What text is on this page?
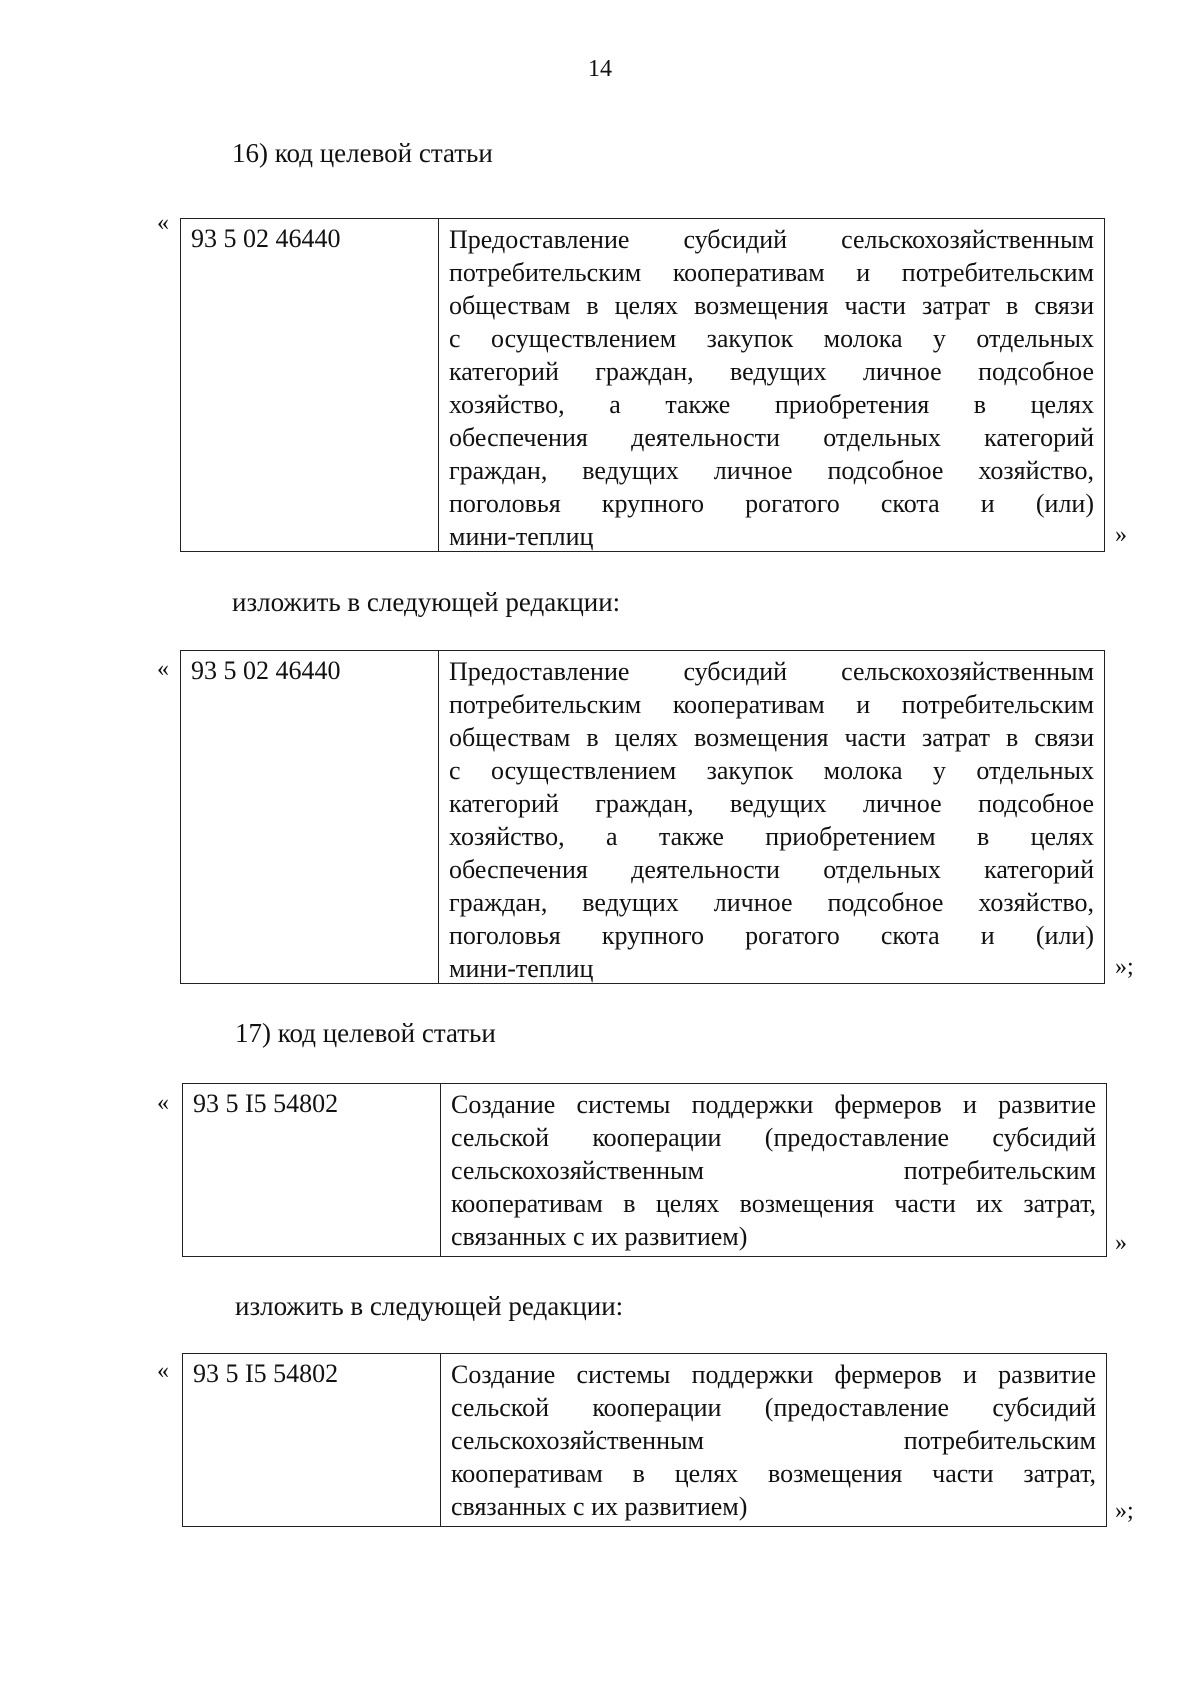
14
16) код целевой статьи
«
93 5 02 46440	Предоставление субсидий сельскохозяйственным
потребительским кооперативам и потребительским
обществам в целях возмещения части затрат в связи
с осуществлением закупок молока у отдельных
категорий граждан, ведущих личное подсобное
хозяйство, а также приобретения в целях
обеспечения деятельности отдельных категорий
граждан, ведущих личное подсобное хозяйство,
поголовья крупного рогатого скота и (или)
мини-теплиц	»
изложить в следующей редакции:
« 93 5 02 46440	Предоставление субсидий сельскохозяйственным
потребительским кооперативам и потребительским
обществам в целях возмещения части затрат в связи
с осуществлением закупок молока у отдельных
категорий граждан, ведущих личное подсобное
хозяйство, а также приобретением в целях
обеспечения деятельности отдельных категорий
граждан, ведущих личное подсобное хозяйство,
поголовья крупного рогатого скота и (или)
мини-теплиц	»;
17) код целевой статьи
« 93 5 I5 54802	Создание системы поддержки фермеров и развитие
сельской кооперации (предоставление субсидий
сельскохозяйственным потребительским
кооперативам в целях возмещения части их затрат,
связанных с их развитием)	»
изложить в следующей редакции:
« 93 5 I5 54802	Создание системы поддержки фермеров и развитие
сельской кооперации (предоставление субсидий
сельскохозяйственным потребительским
кооперативам в целях возмещения части затрат,
связанных с их развитием)	»;
